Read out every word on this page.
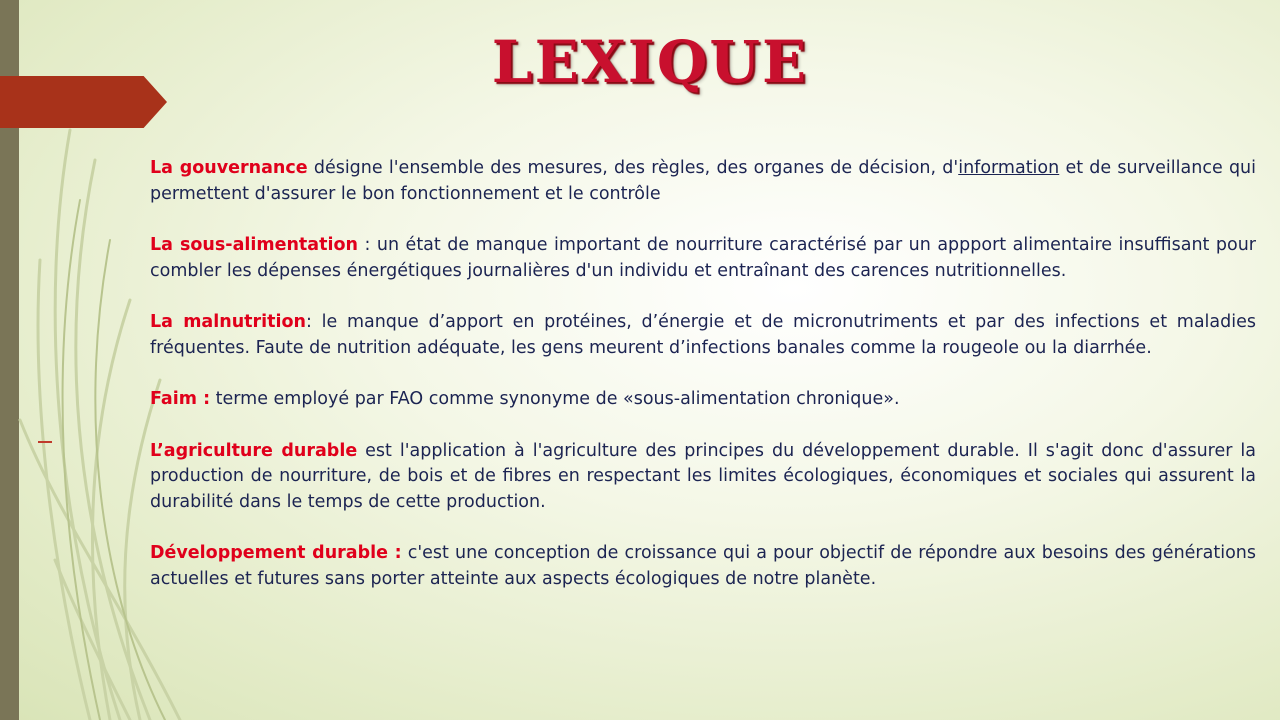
LEXIQUE

La gouvernance désigne l'ensemble des mesures, des règles, des organes de décision, d'information et de surveillance qui permettent d'assurer le bon fonctionnement et le contrôle

La sous-alimentation : un état de manque important de nourriture caractérisé par un appport alimentaire insuffisant pour combler les dépenses énergétiques journalières d'un individu et entraînant des carences nutritionnelles.

La malnutrition: le manque d’apport en protéines, d’énergie et de micronutriments et par des infections et maladies fréquentes. Faute de nutrition adéquate, les gens meurent d’infections banales comme la rougeole ou la diarrhée.

Faim : terme employé par FAO comme synonyme de «sous-alimentation chronique».

L’agriculture durable est l'application à l'agriculture des principes du développement durable. Il s'agit donc d'assurer la production de nourriture, de bois et de fibres en respectant les limites écologiques, économiques et sociales qui assurent la durabilité dans le temps de cette production.

Développement durable : c'est une conception de croissance qui a pour objectif de répondre aux besoins des générations actuelles et futures sans porter atteinte aux aspects écologiques de notre planète.
